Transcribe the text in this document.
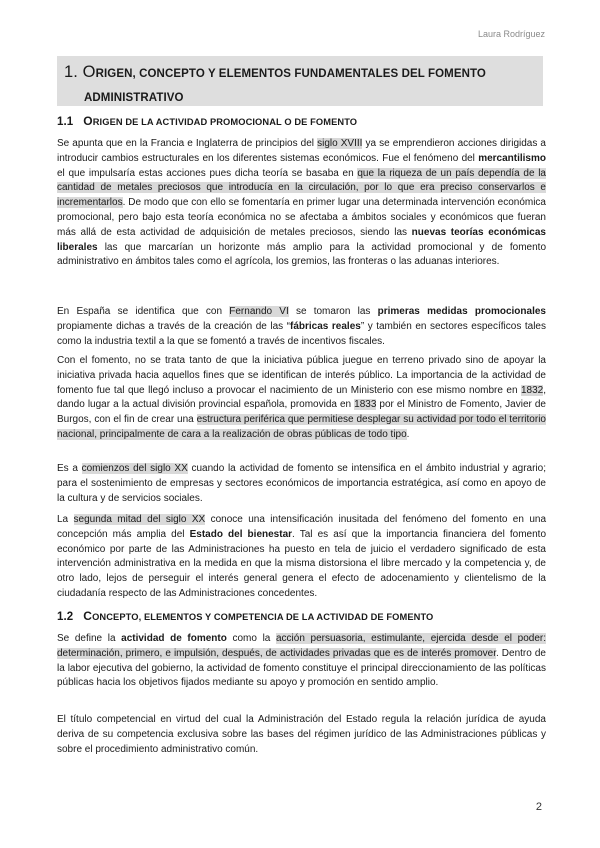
Laura Rodríguez
1. ORIGEN, CONCEPTO Y ELEMENTOS FUNDAMENTALES DEL FOMENTO
ADMINISTRATIVO
1.1 ORIGEN DE LA ACTIVIDAD PROMOCIONAL O DE FOMENTO

Se apunta que en la Francia e Inglaterra de principios del siglo XVIII ya se emprendieron acciones dirigidas a introducir cambios estructurales en los diferentes sistemas económicos. Fue el fenómeno del mercantilismo el que impulsaría estas acciones pues dicha teoría se basaba en que la riqueza de un país dependía de la cantidad de metales preciosos que introducía en la circulación, por lo que era preciso conservarlos e incrementarlos. De modo que con ello se fomentaría en primer lugar una determinada intervención económica promocional, pero bajo esta teoría económica no se afectaba a ámbitos sociales y económicos que fueran más allá de esta actividad de adquisición de metales preciosos, siendo las nuevas teorías económicas liberales las que marcarían un horizonte más amplio para la actividad promocional y de fomento administrativo en ámbitos tales como el agrícola, los gremios, las fronteras o las aduanas interiores.

En España se identifica que con Fernando VI se tomaron las primeras medidas promocionales propiamente dichas a través de la creación de las “fábricas reales” y también en sectores específicos tales como la industria textil a la que se fomentó a través de incentivos fiscales.

Con el fomento, no se trata tanto de que la iniciativa pública juegue en terreno privado sino de apoyar la iniciativa privada hacia aquellos fines que se identifican de interés público. La importancia de la actividad de fomento fue tal que llegó incluso a provocar el nacimiento de un Ministerio con ese mismo nombre en 1832, dando lugar a la actual división provincial española, promovida en 1833 por el Ministro de Fomento, Javier de Burgos, con el fin de crear una estructura periférica que permitiese desplegar su actividad por todo el territorio nacional, principalmente de cara a la realización de obras públicas de todo tipo.

Es a comienzos del siglo XX cuando la actividad de fomento se intensifica en el ámbito industrial y agrario; para el sostenimiento de empresas y sectores económicos de importancia estratégica, así como en apoyo de la cultura y de servicios sociales.

La segunda mitad del siglo XX conoce una intensificación inusitada del fenómeno del fomento en una concepción más amplia del Estado del bienestar. Tal es así que la importancia financiera del fomento económico por parte de las Administraciones ha puesto en tela de juicio el verdadero significado de esta intervención administrativa en la medida en que la misma distorsiona el libre mercado y la competencia y, de otro lado, lejos de perseguir el interés general genera el efecto de adocenamiento y clientelismo de la ciudadanía respecto de las Administraciones concedentes.

1.2 CONCEPTO, ELEMENTOS Y COMPETENCIA DE LA ACTIVIDAD DE FOMENTO

Se define la actividad de fomento como la acción persuasoria, estimulante, ejercida desde el poder: determinación, primero, e impulsión, después, de actividades privadas que es de interés promover. Dentro de la labor ejecutiva del gobierno, la actividad de fomento constituye el principal direccionamiento de las políticas públicas hacia los objetivos fijados mediante su apoyo y promoción en sentido amplio.

El título competencial en virtud del cual la Administración del Estado regula la relación jurídica de ayuda deriva de su competencia exclusiva sobre las bases del régimen jurídico de las Administraciones públicas y sobre el procedimiento administrativo común.

2
